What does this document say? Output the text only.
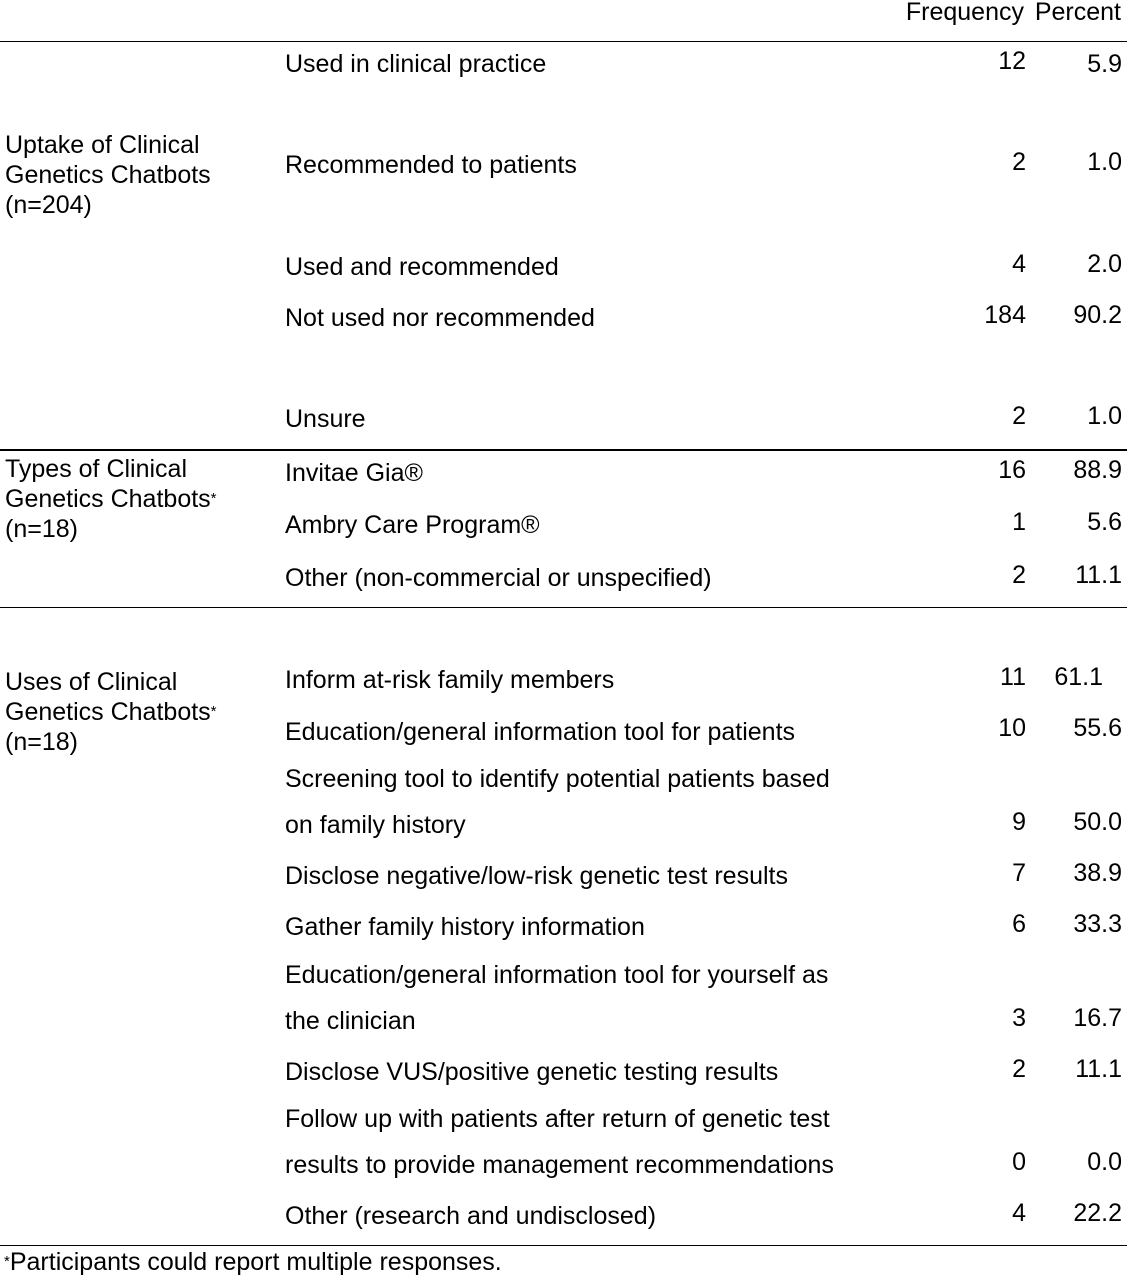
Frequency Percent
Uptake of Clinical
Genetics Chatbots
(n=204)
Used in clinical practice	12 5.9
Recommended to patients	2 1.0
Used and recommended	4 2.0
Not used nor recommended	184 90.2
Unsure	2 1.0
Types of Clinical
Genetics Chatbots*
(n=18)
Invitae Gia®	16 88.9
Ambry Care Program®	1 5.6
Other (non-commercial or unspecified)	2 11.1
Uses of Clinical
Genetics Chatbots*
(n=18)
Inform at-risk family members	11 61.1
Education/general information tool for patients	10 55.6
Screening tool to identify potential patients based
on family history	9 50.0
Disclose negative/low-risk genetic test results	7 38.9
Gather family history information	6 33.3
Education/general information tool for yourself as
the clinician	3 16.7
Disclose VUS/positive genetic testing results	2 11.1
Follow up with patients after return of genetic test
results to provide management recommendations	0 0.0
Other (research and undisclosed)	4 22.2
*Participants could report multiple responses.
